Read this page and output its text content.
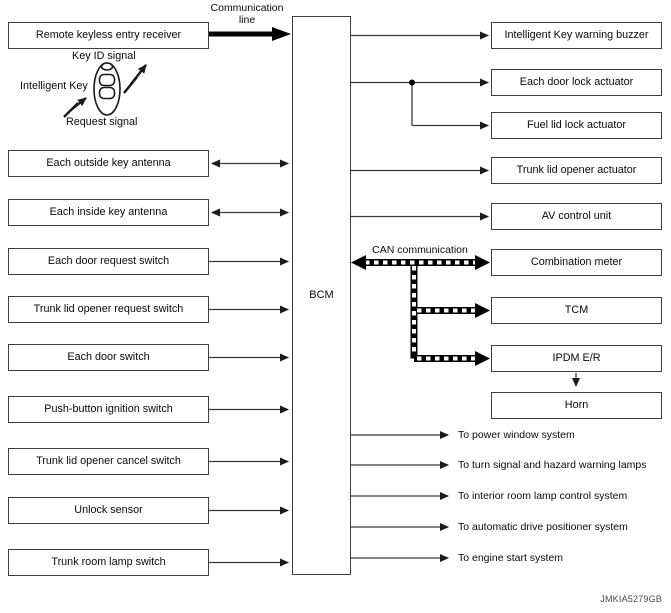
Remote keyless entry receiver
Each outside key antenna
Each inside key antenna
Each door request switch
Trunk lid opener request switch
Each door switch
Push-button ignition switch
Trunk lid opener cancel switch
Unlock sensor
Trunk room lamp switch
BCM
Intelligent Key warning buzzer
Each door lock actuator
Fuel lid lock actuator
Trunk lid opener actuator
AV control unit
Combination meter
TCM
IPDM E/R
Horn
Communication line
CAN communication
Key ID signal
Intelligent Key
Request signal
To power window system
To turn signal and hazard warning lamps
To interior room lamp control system
To automatic drive positioner system
To engine start system
JMKIA5279GB
